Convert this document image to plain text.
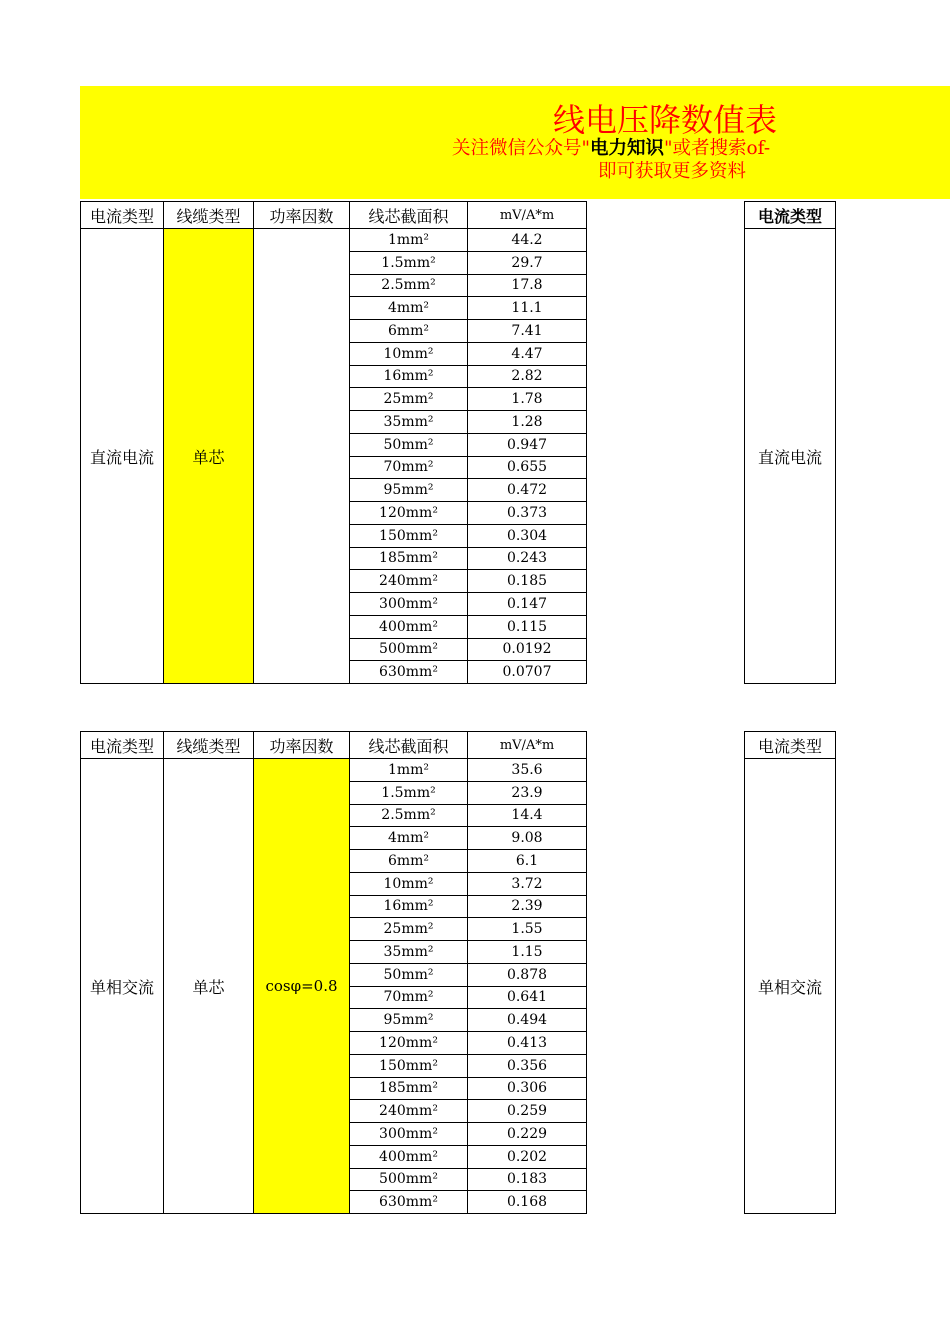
线电压降数值表
关注微信公众号"电力知识"或者搜索of-
即可获取更多资料
电流类型	线缆类型	功率因数	线芯截面积	mV/A*m
直流电流	单芯		1mm²	44.2
			1.5mm²	29.7
			2.5mm²	17.8
			4mm²	11.1
			6mm²	7.41
			10mm²	4.47
			16mm²	2.82
			25mm²	1.78
			35mm²	1.28
			50mm²	0.947
			70mm²	0.655
			95mm²	0.472
			120mm²	0.373
			150mm²	0.304
			185mm²	0.243
			240mm²	0.185
			300mm²	0.147
			400mm²	0.115
			500mm²	0.0192
			630mm²	0.0707
电流类型
直流电流
电流类型	线缆类型	功率因数	线芯截面积	mV/A*m
单相交流	单芯	cosφ=0.8	1mm²	35.6
			1.5mm²	23.9
			2.5mm²	14.4
			4mm²	9.08
			6mm²	6.1
			10mm²	3.72
			16mm²	2.39
			25mm²	1.55
			35mm²	1.15
			50mm²	0.878
			70mm²	0.641
			95mm²	0.494
			120mm²	0.413
			150mm²	0.356
			185mm²	0.306
			240mm²	0.259
			300mm²	0.229
			400mm²	0.202
			500mm²	0.183
			630mm²	0.168
电流类型
单相交流
